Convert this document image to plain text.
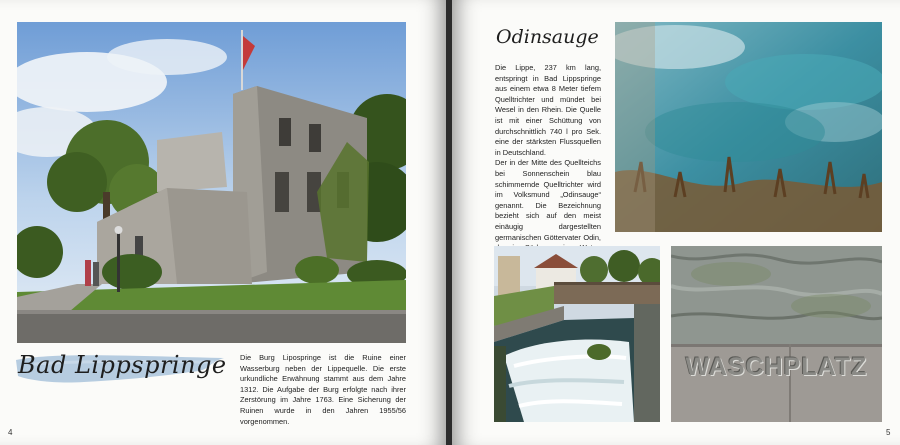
Bad Lippspringe Die Burg Lipospringe ist die Ruine einer Wasserburg neben der Lippequelle. Die erste urkundliche Erwähnung stammt aus dem Jahre 1312. Die Aufgabe der Burg erfolgte nach ihrer Zerstörung im Jahre 1763. Eine Sicherung der Ruinen wurde in den Jahren 1955/56 vorgenommen.
4
Odinsauge

Die Lippe, 237 km lang, entspringt in Bad Lippspringe aus einem etwa 8 Meter tiefem Quelltrichter und mündet bei Wesel in den Rhein. Die Quelle ist mit einer Schüttung von durchschnittlich 740 l pro Sek. eine der stärksten Flussquellen in Deutschland.

Der in der Mitte des Quellteichs bei Sonnenschein blau schimmernde Quelltrichter wird im Volksmund „Odinsauge“ genannt. Die Bezeichnung bezieht sich auf den meist einäugig dargestellten germanischen Göttervater Odin,

WASCHPLATZ
5
